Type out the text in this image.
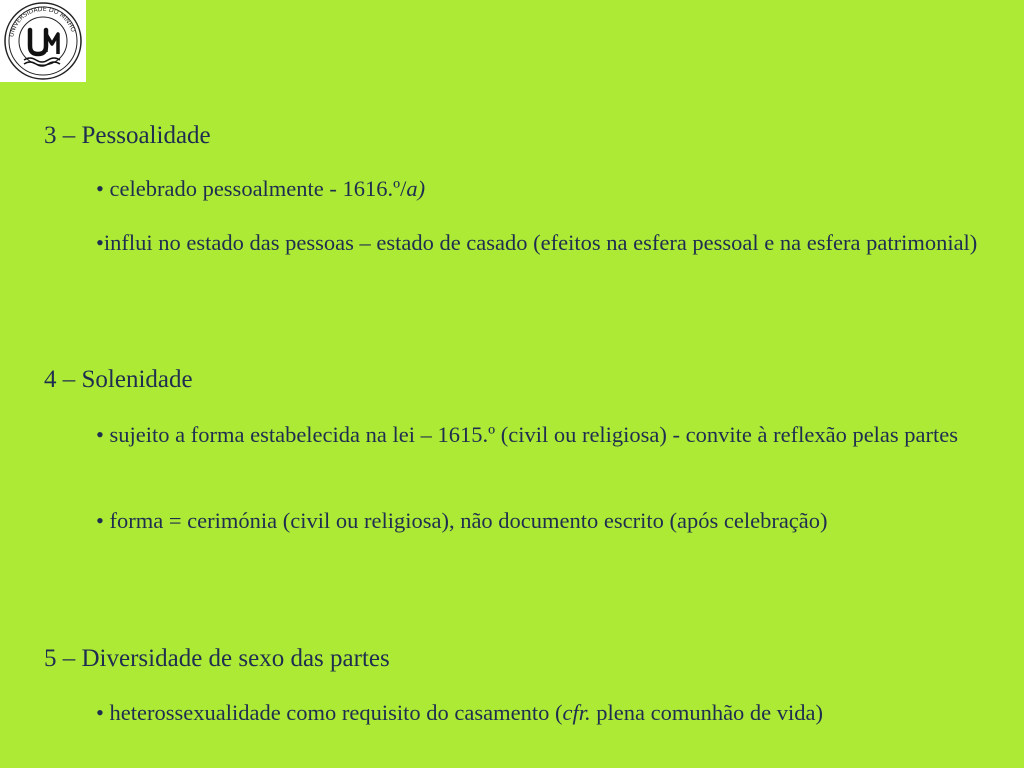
UNIVERSIDADE DO MINHO
3 – Pessoalidade
• celebrado pessoalmente - 1616.º/a)
•influi no estado das pessoas – estado de casado (efeitos na esfera pessoal e na esfera patrimonial)
4 – Solenidade
• sujeito a forma estabelecida na lei – 1615.º (civil ou religiosa) - convite à reflexão pelas partes
• forma = cerimónia (civil ou religiosa), não documento escrito (após celebração)
5 – Diversidade de sexo das partes
• heterossexualidade como requisito do casamento (cfr. plena comunhão de vida)
